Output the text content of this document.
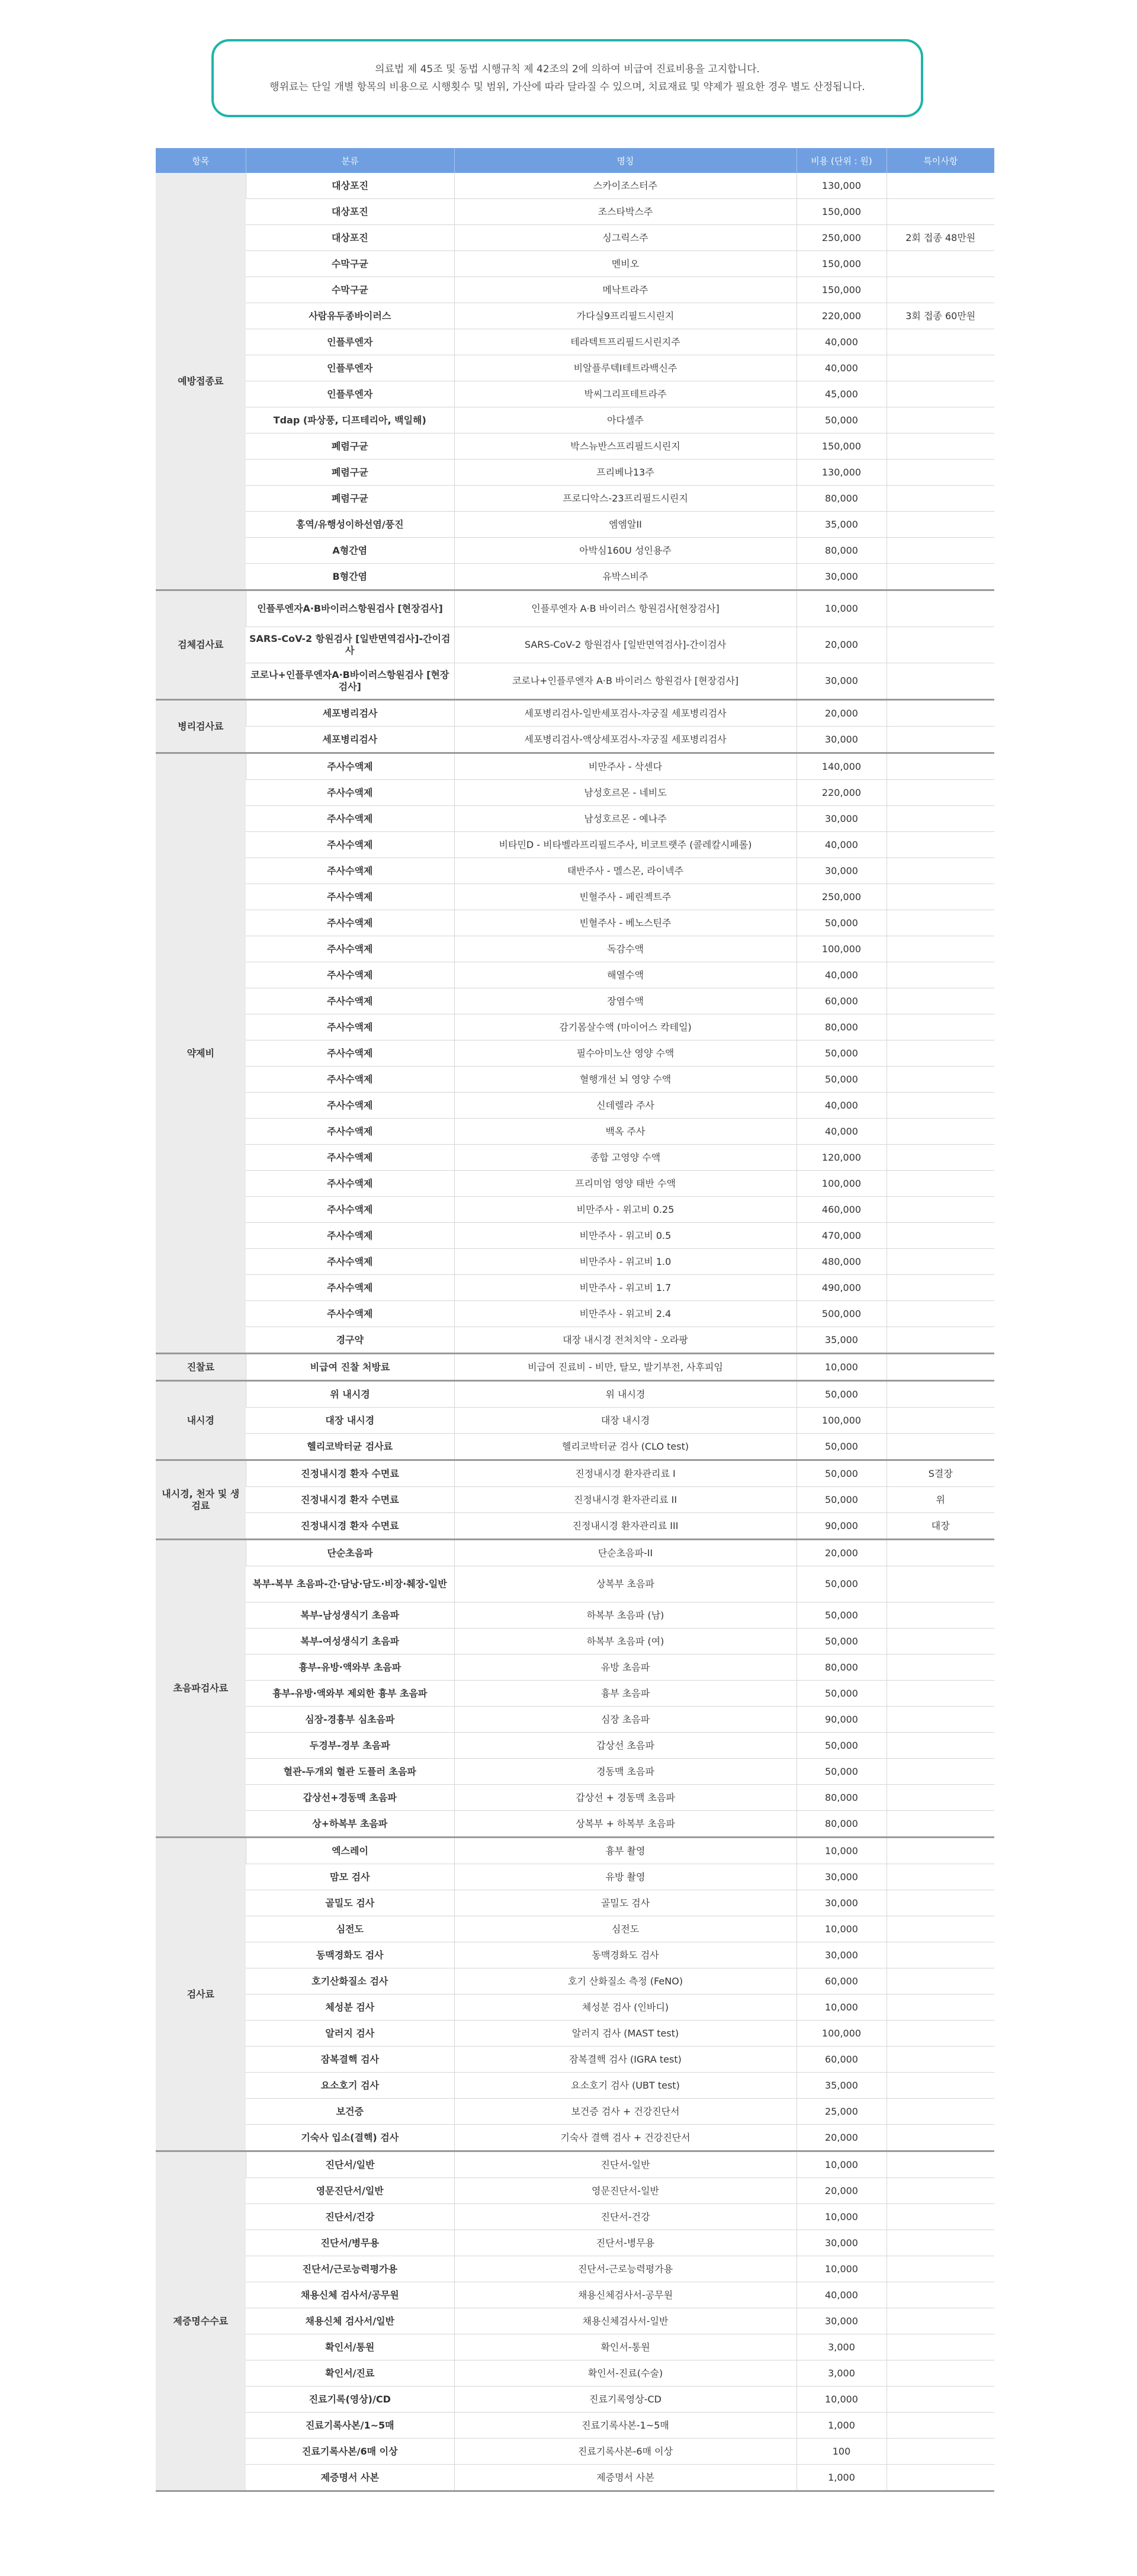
의료법 제 45조 및 동법 시행규칙 제 42조의 2에 의하여 비급여 진료비용을 고지합니다.
행위료는 단일 개별 항목의 비용으로 시행횟수 및 범위, 가산에 따라 달라질 수 있으며, 치료재료 및 약제가 필요한 경우 별도 산정됩니다.
항목	분류	명칭	비용 (단위 : 원)	특이사항
예방접종료	대상포진	스카이조스터주	130,000	
	대상포진	조스타박스주	150,000	
	대상포진	싱그릭스주	250,000	2회 접종 48만원
	수막구균	멘비오	150,000	
	수막구균	메낙트라주	150,000	
	사람유두종바이러스	가다실9프리필드시린지	220,000	3회 접종 60만원
	인플루엔자	테라텍트프리필드시린지주	40,000	
	인플루엔자	비알플루텍I테트라백신주	40,000	
	인플루엔자	박씨그리프테트라주	45,000	
	Tdap (파상풍, 디프테리아, 백일해)	아다셀주	50,000	
	폐렴구균	박스뉴반스프리필드시린지	150,000	
	폐렴구균	프리베나13주	130,000	
	폐렴구균	프로디악스-23프리필드시린지	80,000	
	홍역/유행성이하선염/풍진	엠엠알II	35,000	
	A형간염	아박심160U 성인용주	80,000	
	B형간염	유박스비주	30,000	
검체검사료	인플루엔자A·B바이러스항원검사 [현장검사]	인플루엔자 A·B 바이러스 항원검사[현장검사]	10,000	
	SARS-CoV-2 항원검사 [일반면역검사]-간이검사	SARS-CoV-2 항원검사 [일반면역검사]-간이검사	20,000	
	코로나+인플루엔자A·B바이러스항원검사 [현장검사]	코로나+인플루엔자 A·B 바이러스 항원검사 [현장검사]	30,000	
병리검사료	세포병리검사	세포병리검사-일반세포검사-자궁질 세포병리검사	20,000	
	세포병리검사	세포병리검사-액상세포검사-자궁질 세포병리검사	30,000	
약제비	주사수액제	비만주사 - 삭센다	140,000	
	주사수액제	남성호르몬 - 네비도	220,000	
	주사수액제	남성호르몬 - 예나주	30,000	
	주사수액제	비타민D - 비타벨라프리필드주사, 비코트랫주 (콜레칼시페롤)	40,000	
	주사수액제	태반주사 - 멜스몬, 라이넥주	30,000	
	주사수액제	빈혈주사 - 페린젝트주	250,000	
	주사수액제	빈혈주사 - 베노스틴주	50,000	
	주사수액제	독감수액	100,000	
	주사수액제	해열수액	40,000	
	주사수액제	장염수액	60,000	
	주사수액제	감기몸살수액 (마이어스 칵테일)	80,000	
	주사수액제	필수아미노산 영양 수액	50,000	
	주사수액제	혈행개선 뇌 영양 수액	50,000	
	주사수액제	신데렐라 주사	40,000	
	주사수액제	백옥 주사	40,000	
	주사수액제	종합 고영양 수액	120,000	
	주사수액제	프리미엄 영양 태반 수액	100,000	
	주사수액제	비만주사 - 위고비 0.25	460,000	
	주사수액제	비만주사 - 위고비 0.5	470,000	
	주사수액제	비만주사 - 위고비 1.0	480,000	
	주사수액제	비만주사 - 위고비 1.7	490,000	
	주사수액제	비만주사 - 위고비 2.4	500,000	
	경구약	대장 내시경 전처치약 - 오라팡	35,000	
진찰료	비급여 진찰 처방료	비급여 진료비 - 비만, 탈모, 발기부전, 사후피임	10,000	
내시경	위 내시경	위 내시경	50,000	
	대장 내시경	대장 내시경	100,000	
	헬리코박터균 검사료	헬리코박터균 검사 (CLO test)	50,000	
내시경, 천자 및 생검료	진정내시경 환자 수면료	진정내시경 환자관리료 I	50,000	S결장
	진정내시경 환자 수면료	진정내시경 환자관리료 II	50,000	위
	진정내시경 환자 수면료	진정내시경 환자관리료 III	90,000	대장
초음파검사료	단순초음파	단순초음파-II	20,000	
	복부-복부 초음파-간·담낭·담도·비장·췌장-일반	상복부 초음파	50,000	
	복부-남성생식기 초음파	하복부 초음파 (남)	50,000	
	복부-여성생식기 초음파	하복부 초음파 (여)	50,000	
	흉부-유방·액와부 초음파	유방 초음파	80,000	
	흉부-유방·액와부 제외한 흉부 초음파	흉부 초음파	50,000	
	심장-경흉부 심초음파	심장 초음파	90,000	
	두경부-경부 초음파	갑상선 초음파	50,000	
	혈관-두개외 혈관 도플러 초음파	경동맥 초음파	50,000	
	갑상선+경동맥 초음파	갑상선 + 경동맥 초음파	80,000	
	상+하복부 초음파	상복부 + 하복부 초음파	80,000	
검사료	엑스레이	흉부 촬영	10,000	
	맘모 검사	유방 촬영	30,000	
	골밀도 검사	골밀도 검사	30,000	
	심전도	심전도	10,000	
	동맥경화도 검사	동맥경화도 검사	30,000	
	호기산화질소 검사	호기 산화질소 측정 (FeNO)	60,000	
	체성분 검사	체성분 검사 (인바디)	10,000	
	알러지 검사	알러지 검사 (MAST test)	100,000	
	잠복결핵 검사	잠복결핵 검사 (IGRA test)	60,000	
	요소호기 검사	요소호기 검사 (UBT test)	35,000	
	보건증	보건증 검사 + 건강진단서	25,000	
	기숙사 입소(결핵) 검사	기숙사 결핵 검사 + 건강진단서	20,000	
제증명수수료	진단서/일반	진단서-일반	10,000	
	영문진단서/일반	영문진단서-일반	20,000	
	진단서/건강	진단서-건강	10,000	
	진단서/병무용	진단서-병무용	30,000	
	진단서/근로능력평가용	진단서-근로능력평가용	10,000	
	채용신체 검사서/공무원	채용신체검사서-공무원	40,000	
	채용신체 검사서/일반	채용신체검사서-일반	30,000	
	확인서/통원	확인서-통원	3,000	
	확인서/진료	확인서-진료(수술)	3,000	
	진료기록(영상)/CD	진료기록영상-CD	10,000	
	진료기록사본/1~5매	진료기록사본-1~5매	1,000	
	진료기록사본/6매 이상	진료기록사본-6매 이상	100	
	제증명서 사본	제증명서 사본	1,000	
